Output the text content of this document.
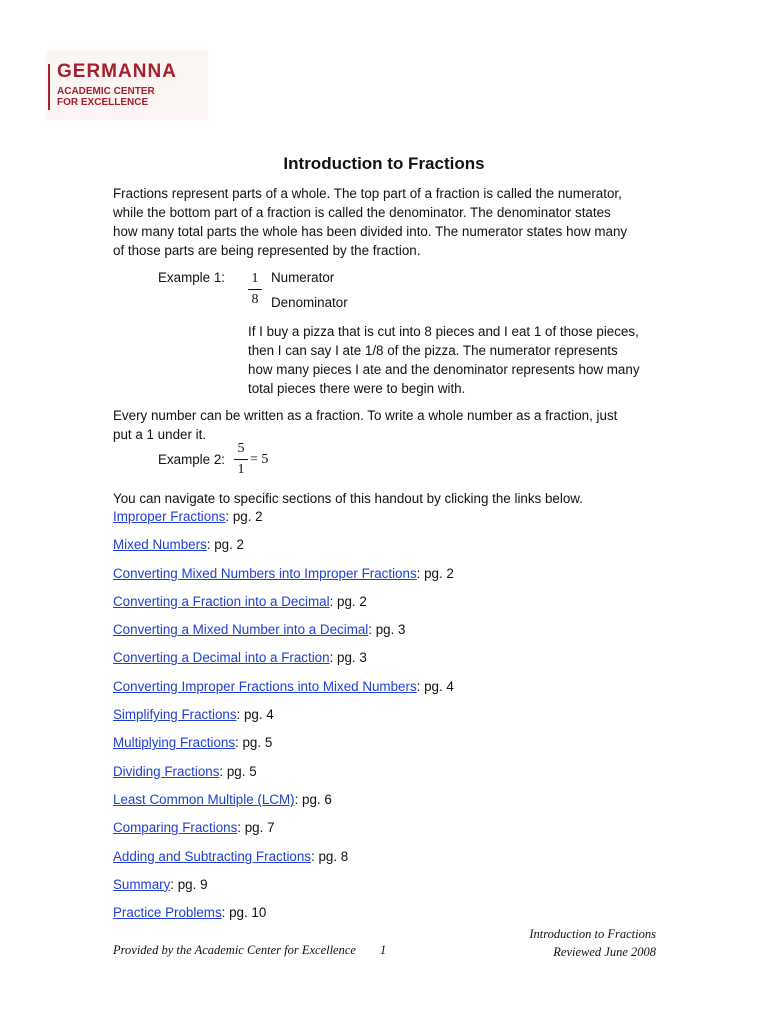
GERMANNA
ACADEMIC CENTER
FOR EXCELLENCE
Introduction to Fractions
Fractions represent parts of a whole. The top part of a fraction is called the numerator,
while the bottom part of a fraction is called the denominator. The denominator states
how many total parts the whole has been divided into. The numerator states how many
of those parts are being represented by the fraction.
Example 1: 1
8
Numerator
Denominator
If I buy a pizza that is cut into 8 pieces and I eat 1 of those pieces,
then I can say I ate 1/8 of the pizza. The numerator represents
how many pieces I ate and the denominator represents how many
total pieces there were to begin with.
Every number can be written as a fraction. To write a whole number as a fraction, just
put a 1 under it.
Example 2:
5
1
= 5
You can navigate to specific sections of this handout by clicking the links below.
Improper Fractions: pg. 2
Mixed Numbers: pg. 2
Converting Mixed Numbers into Improper Fractions: pg. 2
Converting a Fraction into a Decimal: pg. 2
Converting a Mixed Number into a Decimal: pg. 3
Converting a Decimal into a Fraction: pg. 3
Converting Improper Fractions into Mixed Numbers: pg. 4
Simplifying Fractions: pg. 4
Multiplying Fractions: pg. 5
Dividing Fractions: pg. 5
Least Common Multiple (LCM): pg. 6
Comparing Fractions: pg. 7
Adding and Subtracting Fractions: pg. 8
Summary: pg. 9
Practice Problems: pg. 10
Provided by the Academic Center for Excellence 1
Introduction to Fractions
Reviewed June 2008
